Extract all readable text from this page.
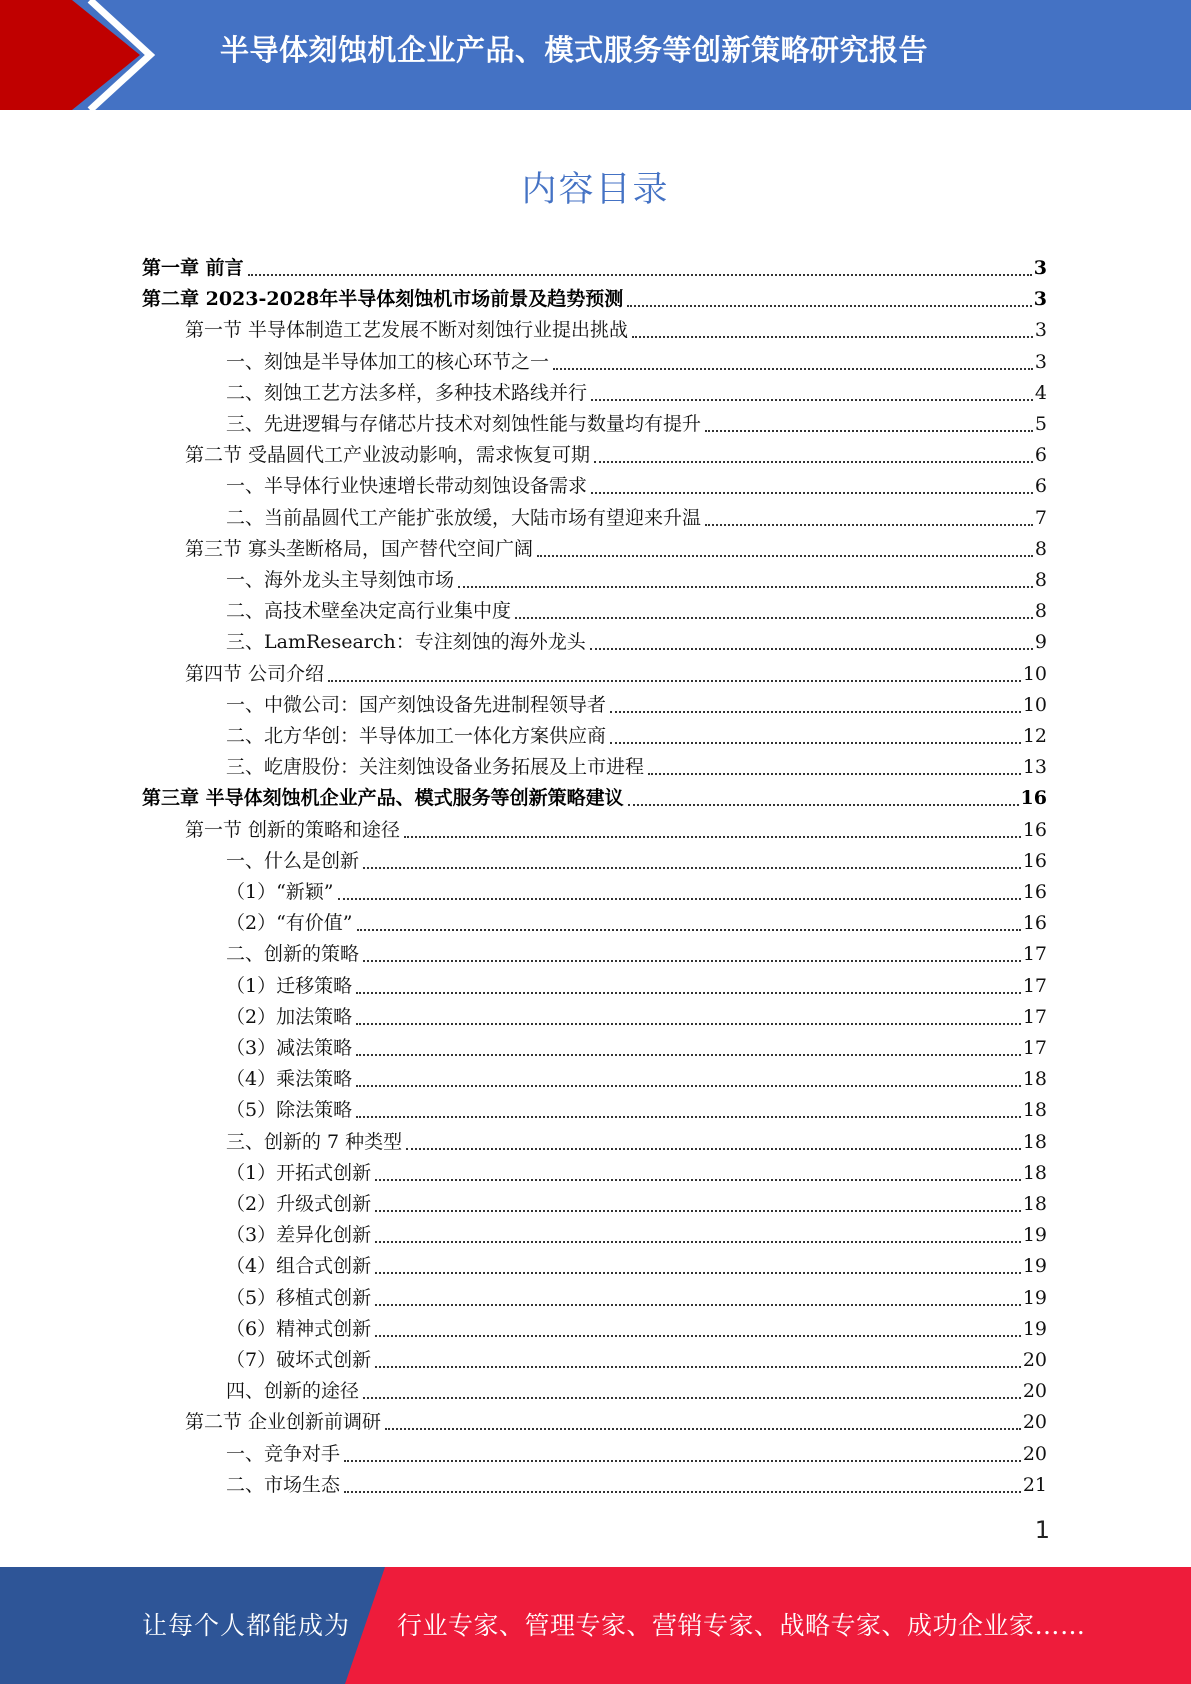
半导体刻蚀机企业产品、模式服务等创新策略研究报告
内容目录
第一章 前言	3
第二章 2023-2028年半导体刻蚀机市场前景及趋势预测	3
第一节 半导体制造工艺发展不断对刻蚀行业提出挑战	3
一、刻蚀是半导体加工的核心环节之一	3
二、刻蚀工艺方法多样，多种技术路线并行	4
三、先进逻辑与存储芯片技术对刻蚀性能与数量均有提升	5
第二节 受晶圆代工产业波动影响，需求恢复可期	6
一、半导体行业快速增长带动刻蚀设备需求	6
二、当前晶圆代工产能扩张放缓，大陆市场有望迎来升温	7
第三节 寡头垄断格局，国产替代空间广阔	8
一、海外龙头主导刻蚀市场	8
二、高技术壁垒决定高行业集中度	8
三、LamResearch：专注刻蚀的海外龙头	9
第四节 公司介绍	10
一、中微公司：国产刻蚀设备先进制程领导者	10
二、北方华创：半导体加工一体化方案供应商	12
三、屹唐股份：关注刻蚀设备业务拓展及上市进程	13
第三章 半导体刻蚀机企业产品、模式服务等创新策略建议	16
第一节 创新的策略和途径	16
一、什么是创新	16
（1）“新颖”	16
（2）“有价值”	16
二、创新的策略	17
（1）迁移策略	17
（2）加法策略	17
（3）减法策略	17
（4）乘法策略	18
（5）除法策略	18
三、创新的 7 种类型	18
（1）开拓式创新	18
（2）升级式创新	18
（3）差异化创新	19
（4）组合式创新	19
（5）移植式创新	19
（6）精神式创新	19
（7）破坏式创新	20
四、创新的途径	20
第二节 企业创新前调研	20
一、竞争对手	20
二、市场生态	21
1
让每个人都能成为 行业专家、管理专家、营销专家、战略专家、成功企业家……
